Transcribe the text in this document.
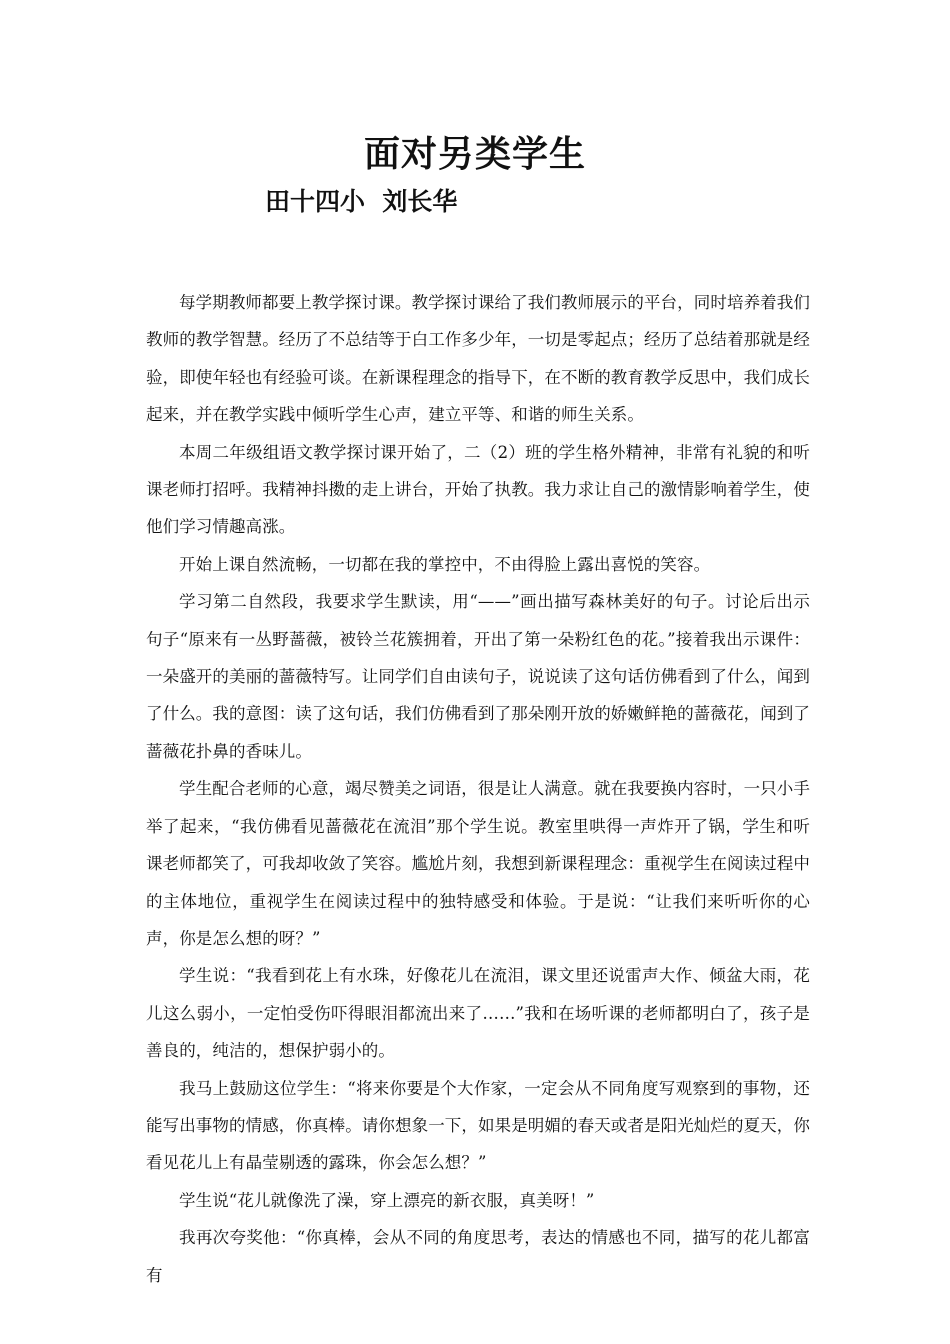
面对另类学生

田十四小  刘长华

每学期教师都要上教学探讨课。教学探讨课给了我们教师展示的平台，同时培养着我们教师的教学智慧。经历了不总结等于白工作多少年，一切是零起点；经历了总结着那就是经验，即使年轻也有经验可谈。在新课程理念的指导下，在不断的教育教学反思中，我们成长起来，并在教学实践中倾听学生心声，建立平等、和谐的师生关系。

本周二年级组语文教学探讨课开始了，二（2）班的学生格外精神，非常有礼貌的和听课老师打招呼。我精神抖擞的走上讲台，开始了执教。我力求让自己的激情影响着学生，使他们学习情趣高涨。

开始上课自然流畅，一切都在我的掌控中，不由得脸上露出喜悦的笑容。

学习第二自然段，我要求学生默读，用“——”画出描写森林美好的句子。讨论后出示句子“原来有一丛野蔷薇，被铃兰花簇拥着，开出了第一朵粉红色的花。”接着我出示课件：一朵盛开的美丽的蔷薇特写。让同学们自由读句子，说说读了这句话仿佛看到了什么，闻到了什么。我的意图：读了这句话，我们仿佛看到了那朵刚开放的娇嫩鲜艳的蔷薇花，闻到了蔷薇花扑鼻的香味儿。

学生配合老师的心意，竭尽赞美之词语，很是让人满意。就在我要换内容时，一只小手举了起来，“我仿佛看见蔷薇花在流泪”那个学生说。教室里哄得一声炸开了锅，学生和听课老师都笑了，可我却收敛了笑容。尴尬片刻，我想到新课程理念：重视学生在阅读过程中的主体地位，重视学生在阅读过程中的独特感受和体验。于是说：“让我们来听听你的心声，你是怎么想的呀？”

学生说：“我看到花上有水珠，好像花儿在流泪，课文里还说雷声大作、倾盆大雨，花儿这么弱小，一定怕受伤吓得眼泪都流出来了……”我和在场听课的老师都明白了，孩子是善良的，纯洁的，想保护弱小的。

我马上鼓励这位学生：“将来你要是个大作家，一定会从不同角度写观察到的事物，还能写出事物的情感，你真棒。请你想象一下，如果是明媚的春天或者是阳光灿烂的夏天，你看见花儿上有晶莹剔透的露珠，你会怎么想？”

学生说“花儿就像洗了澡，穿上漂亮的新衣服，真美呀！”

我再次夸奖他：“你真棒，会从不同的角度思考，表达的情感也不同，描写的花儿都富有
